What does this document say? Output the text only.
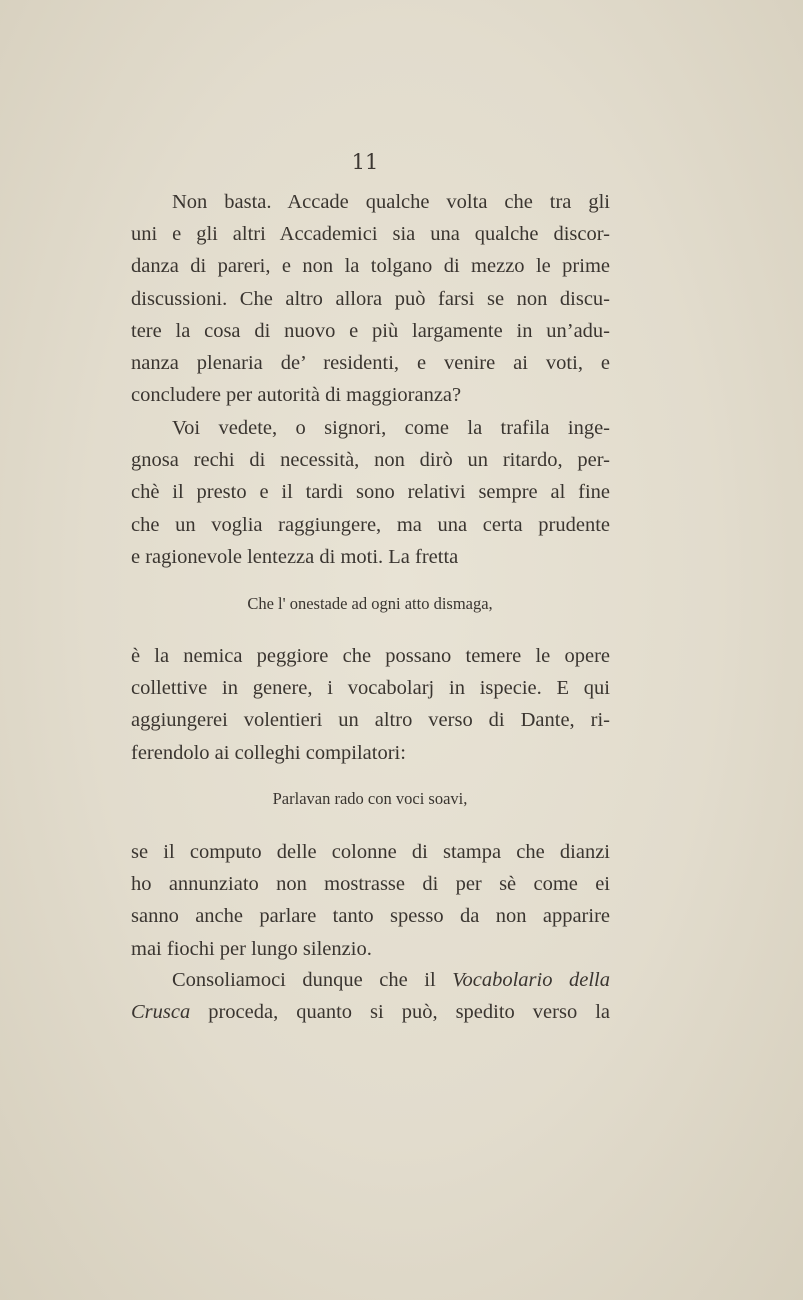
11
Non basta. Accade qualche volta che tra gli
uni e gli altri Accademici sia una qualche discor-
danza di pareri, e non la tolgano di mezzo le prime
discussioni. Che altro allora può farsi se non discu-
tere la cosa di nuovo e più largamente in un’adu-
nanza plenaria de’ residenti, e venire ai voti, e
concludere per autorità di maggioranza?
Voi vedete, o signori, come la trafila inge-
gnosa rechi di necessità, non dirò un ritardo, per-
chè il presto e il tardi sono relativi sempre al fine
che un voglia raggiungere, ma una certa prudente
e ragionevole lentezza di moti. La fretta
Che l' onestade ad ogni atto dismaga,
è la nemica peggiore che possano temere le opere
collettive in genere, i vocabolarj in ispecie. E qui
aggiungerei volentieri un altro verso di Dante, ri-
ferendolo ai colleghi compilatori:
Parlavan rado con voci soavi,
se il computo delle colonne di stampa che dianzi
ho annunziato non mostrasse di per sè come ei
sanno anche parlare tanto spesso da non apparire
mai fiochi per lungo silenzio.
Consoliamoci dunque che il Vocabolario della
Crusca proceda, quanto si può, spedito verso la
